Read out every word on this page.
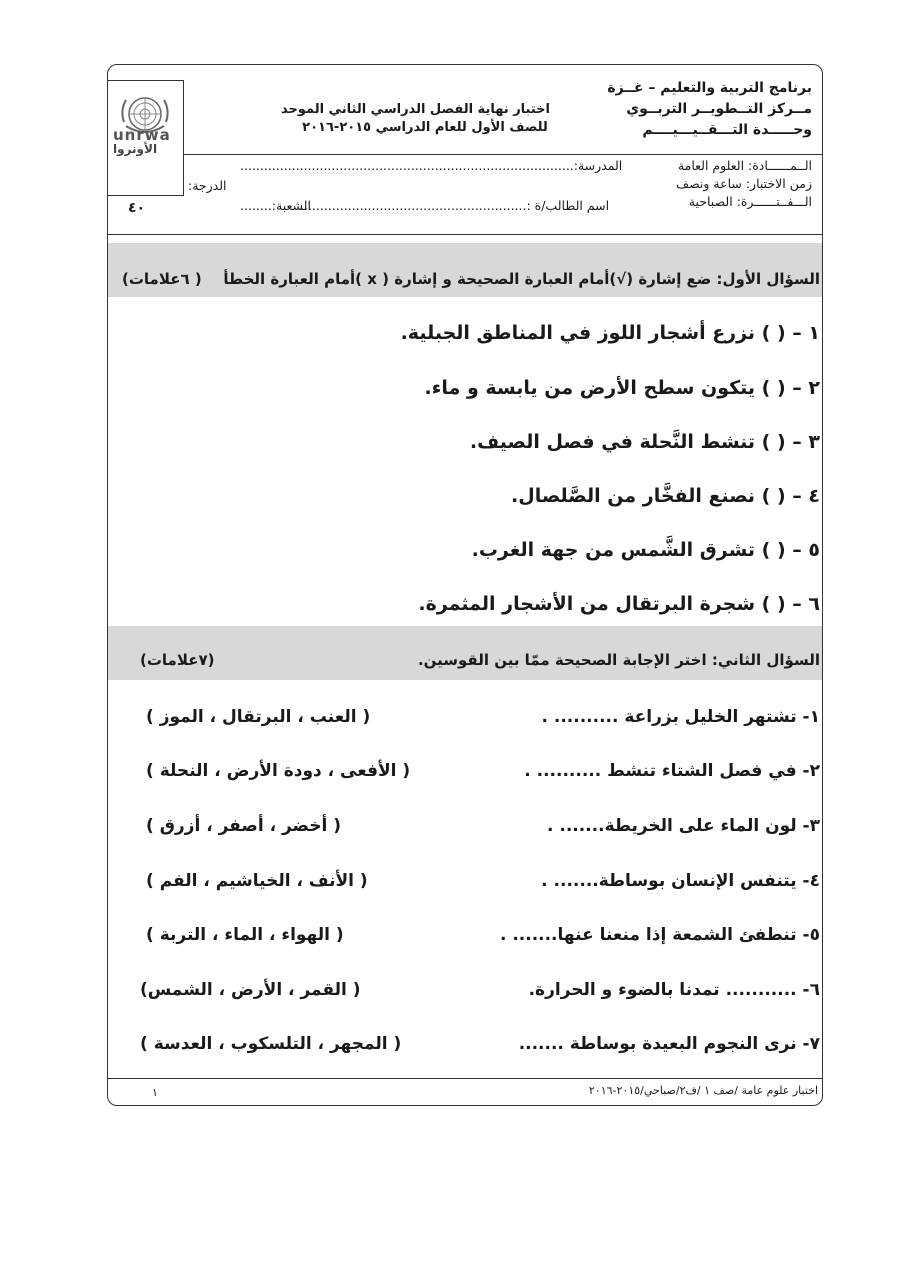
unrwa
الأونروا
برنامج التربية والتعليم – غــزة
مــركز التــطويــر التربــوي
وحـــــدة التـــقــيـــيــــم
اختبار نهاية الفصل الدراسي الثاني الموحد
للصف الأول للعام الدراسي ٢٠١٥-٢٠١٦
الــمــــــادة: العلوم العامة
زمن الاختبار: ساعة ونصف
الـــفــتــــــرة: الصباحية
المدرسة:....................................................................................
اسم الطالب/ة :.........................................................
الشعبة:........
الدرجة:
٤٠
السؤال الأول: ضع إشارة (√)أمام العبارة الصحيحة و إشارة ( x )أمام العبارة الخطأ
( ٦علامات)
١ – ( ) نزرع أشجار اللوز في المناطق الجبلية.
٢ – ( ) يتكون سطح الأرض من يابسة و ماء.
٣ – ( ) تنشط النَّحلة في فصل الصيف.
٤ – ( ) نصنع الفخَّار من الصَّلصال.
٥ – ( ) تشرق الشَّمس من جهة الغرب.
٦ – ( ) شجرة البرتقال من الأشجار المثمرة.
السؤال الثاني: اختر الإجابة الصحيحة ممّا بين القوسين.
(٧علامات)
١- تشتهر الخليل بزراعة .......... .
( العنب ، البرتقال ، الموز )
٢- في فصل الشتاء تنشط .......... .
( الأفعى ، دودة الأرض ، النحلة )
٣- لون الماء على الخريطة....... .
( أخضر ، أصفر ، أزرق )
٤- يتنفس الإنسان بوساطة....... .
( الأنف ، الخياشيم ، الفم )
٥- تنطفئ الشمعة إذا منعنا عنها....... .
( الهواء ، الماء ، التربة )
٦- ........... تمدنا بالضوء و الحرارة.
( القمر ، الأرض ، الشمس)
٧- نرى النجوم البعيدة بوساطة .......
( المجهر ، التلسكوب ، العدسة )
اختبار علوم عامة /صف ١ /ف٢/صباحي/٢٠١٥-٢٠١٦
١
